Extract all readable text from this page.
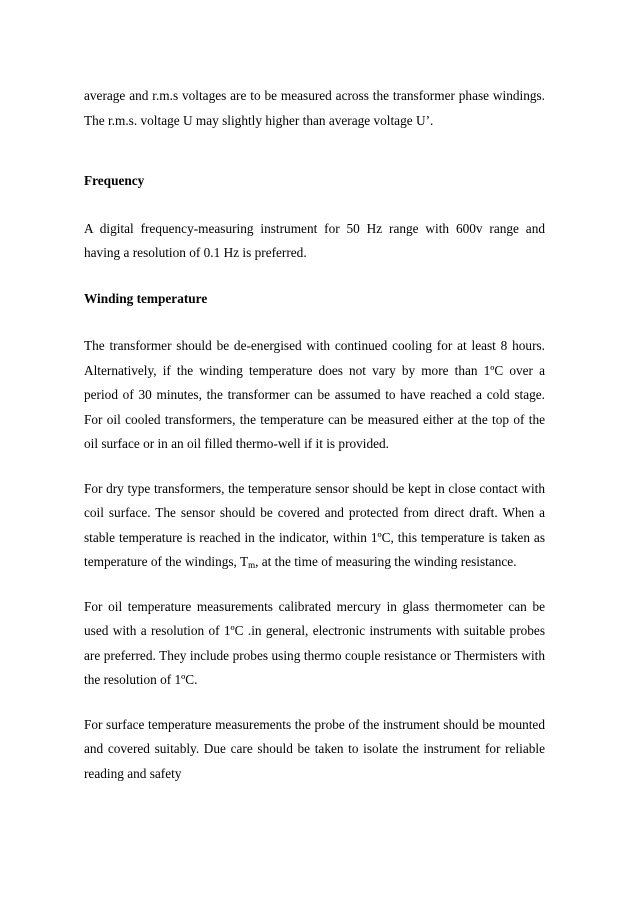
average and r.m.s voltages are to be measured across the transformer phase windings. The r.m.s. voltage U may slightly higher than average voltage U’.

Frequency

A digital frequency-measuring instrument for 50 Hz range with 600v range and having a resolution of 0.1 Hz is preferred.

Winding temperature

The transformer should be de-energised with continued cooling for at least 8 hours. Alternatively, if the winding temperature does not vary by more than 1ºC over a period of 30 minutes, the transformer can be assumed to have reached a cold stage. For oil cooled transformers, the temperature can be measured either at the top of the oil surface or in an oil filled thermo-well if it is provided.

For dry type transformers, the temperature sensor should be kept in close contact with coil surface. The sensor should be covered and protected from direct draft. When a stable temperature is reached in the indicator, within 1ºC, this temperature is taken as temperature of the windings, $T_m$, at the time of measuring the winding resistance.

For oil temperature measurements calibrated mercury in glass thermometer can be used with a resolution of 1ºC .in general, electronic instruments with suitable probes are preferred. They include probes using thermo couple resistance or Thermisters with the resolution of 1ºC.

For surface temperature measurements the probe of the instrument should be mounted and covered suitably. Due care should be taken to isolate the instrument for reliable reading and safety
